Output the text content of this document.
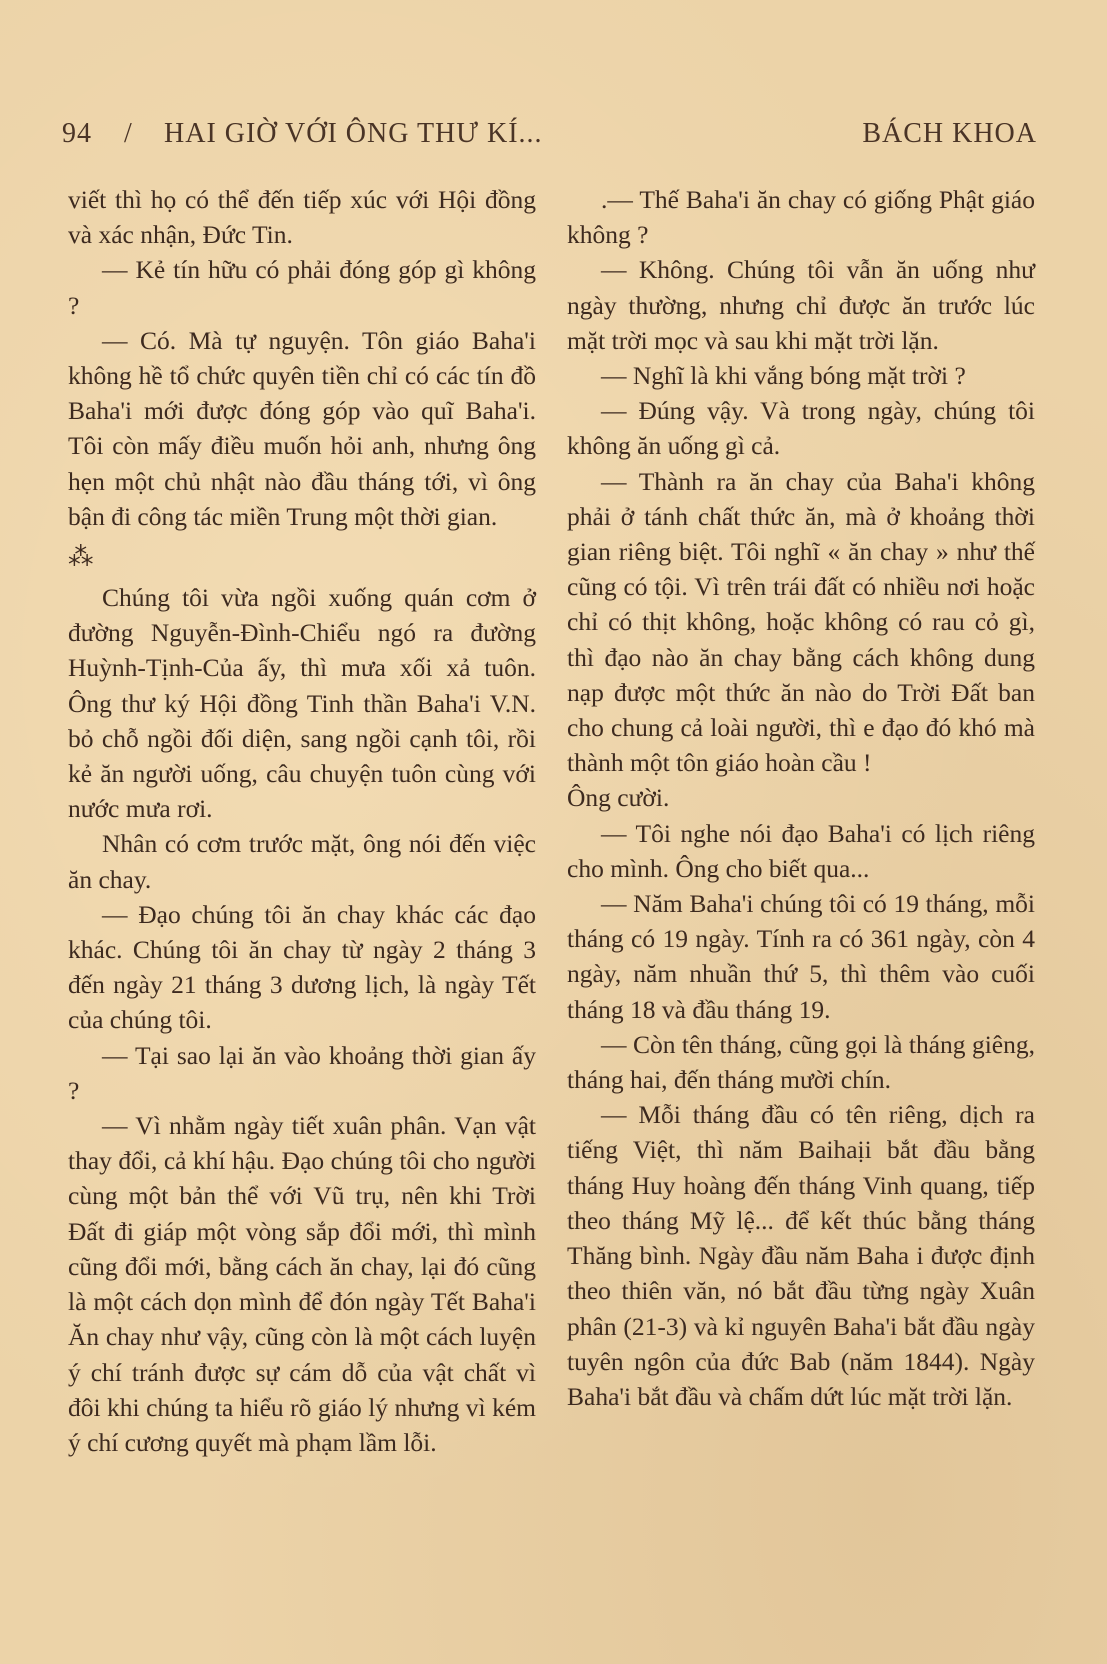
94 / HAI GIỜ VỚI ÔNG THƯ KÍ...	BÁCH KHOA

viết thì họ có thể đến tiếp xúc với Hội đồng và xác nhận, Đức Tin.

— Kẻ tín hữu có phải đóng góp gì không ?

— Có. Mà tự nguyện. Tôn giáo Baha'i không hề tổ chức quyên tiền chỉ có các tín đồ Baha'i mới được đóng góp vào quĩ Baha'i. Tôi còn mấy điều muốn hỏi anh, nhưng ông hẹn một chủ nhật nào đầu tháng tới, vì ông bận đi công tác miền Trung một thời gian.

⁂

Chúng tôi vừa ngồi xuống quán cơm ở đường Nguyễn-Đình-Chiểu ngó ra đường Huỳnh-Tịnh-Của ấy, thì mưa xối xả tuôn. Ông thư ký Hội đồng Tinh thần Baha'i V.N. bỏ chỗ ngồi đối diện, sang ngồi cạnh tôi, rồi kẻ ăn người uống, câu chuyện tuôn cùng với nước mưa rơi.

Nhân có cơm trước mặt, ông nói đến việc ăn chay.

— Đạo chúng tôi ăn chay khác các đạo khác. Chúng tôi ăn chay từ ngày 2 tháng 3 đến ngày 21 tháng 3 dương lịch, là ngày Tết của chúng tôi.

— Tại sao lại ăn vào khoảng thời gian ấy ?

— Vì nhằm ngày tiết xuân phân. Vạn vật thay đổi, cả khí hậu. Đạo chúng tôi cho người cùng một bản thể với Vũ trụ, nên khi Trời Đất đi giáp một vòng sắp đổi mới, thì mình cũng đổi mới, bằng cách ăn chay, lại đó cũng là một cách dọn mình để đón ngày Tết Baha'i Ăn chay như vậy, cũng còn là một cách luyện ý chí tránh được sự cám dỗ của vật chất vì đôi khi chúng ta hiểu rõ giáo lý nhưng vì kém ý chí cương quyết mà phạm lầm lỗi.

.— Thế Baha'i ăn chay có giống Phật giáo không ?

— Không. Chúng tôi vẫn ăn uống như ngày thường, nhưng chỉ được ăn trước lúc mặt trời mọc và sau khi mặt trời lặn.

— Nghĩ là khi vắng bóng mặt trời ?

— Đúng vậy. Và trong ngày, chúng tôi không ăn uống gì cả.

— Thành ra ăn chay của Baha'i không phải ở tánh chất thức ăn, mà ở khoảng thời gian riêng biệt. Tôi nghĩ « ăn chay » như thế cũng có tội. Vì trên trái đất có nhiều nơi hoặc chỉ có thịt không, hoặc không có rau cỏ gì, thì đạo nào ăn chay bằng cách không dung nạp được một thức ăn nào do Trời Đất ban cho chung cả loài người, thì e đạo đó khó mà thành một tôn giáo hoàn cầu !

Ông cười.

— Tôi nghe nói đạo Baha'i có lịch riêng cho mình. Ông cho biết qua...

— Năm Baha'i chúng tôi có 19 tháng, mỗi tháng có 19 ngày. Tính ra có 361 ngày, còn 4 ngày, năm nhuần thứ 5, thì thêm vào cuối tháng 18 và đầu tháng 19.

— Còn tên tháng, cũng gọi là tháng giêng, tháng hai, đến tháng mười chín.

— Mỗi tháng đầu có tên riêng, dịch ra tiếng Việt, thì năm Baihaịi bắt đầu bằng tháng Huy hoàng đến tháng Vinh quang, tiếp theo tháng Mỹ lệ... để kết thúc bằng tháng Thăng bình. Ngày đầu năm Baha i được định theo thiên văn, nó bắt đầu từng ngày Xuân phân (21-3) và kỉ nguyên Baha'i bắt đầu ngày tuyên ngôn của đức Bab (năm 1844). Ngày Baha'i bắt đầu và chấm dứt lúc mặt trời lặn.
